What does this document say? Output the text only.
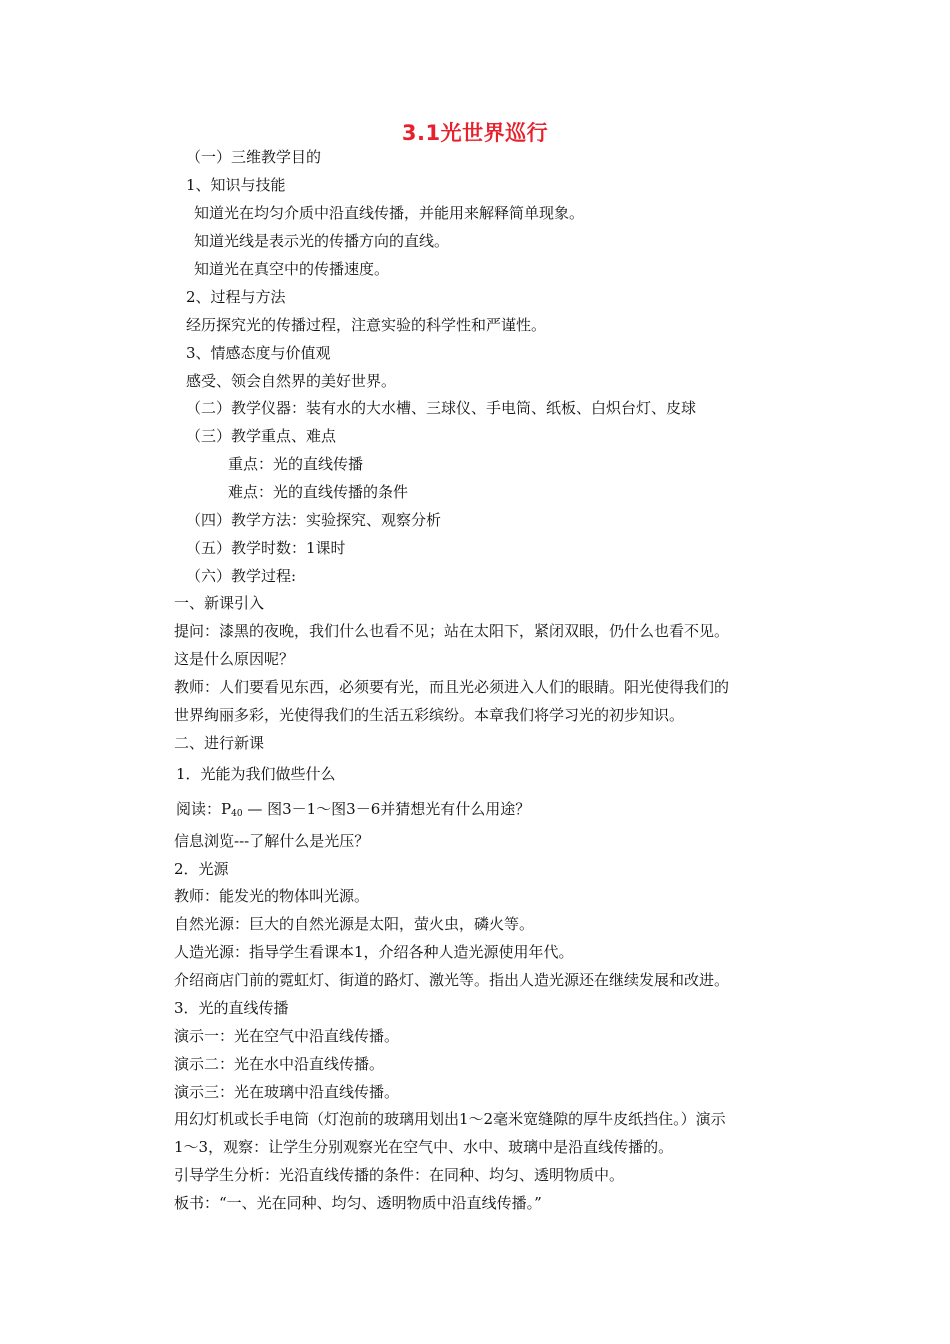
3.1光世界巡行
（一）三维教学目的
1、知识与技能
知道光在均匀介质中沿直线传播，并能用来解释简单现象。
知道光线是表示光的传播方向的直线。
知道光在真空中的传播速度。
2、过程与方法
经历探究光的传播过程，注意实验的科学性和严谨性。
3、情感态度与价值观
感受、领会自然界的美好世界。
（二）教学仪器：装有水的大水槽、三球仪、手电筒、纸板、白炽台灯、皮球
（三）教学重点、难点
重点：光的直线传播
难点：光的直线传播的条件
（四）教学方法：实验探究、观察分析
（五）教学时数：1课时
（六）教学过程:
一、新课引入
提问：漆黑的夜晚，我们什么也看不见；站在太阳下，紧闭双眼，仍什么也看不见。
这是什么原因呢？
教师：人们要看见东西，必须要有光，而且光必须进入人们的眼睛。阳光使得我们的
世界绚丽多彩，光使得我们的生活五彩缤纷。本章我们将学习光的初步知识。
二、进行新课
1．光能为我们做些什么
阅读：$P_{40}$ — 图3－1～图3－6并猜想光有什么用途？
信息浏览---了解什么是光压？
2．光源
教师：能发光的物体叫光源。
自然光源：巨大的自然光源是太阳，萤火虫，磷火等。
人造光源：指导学生看课本1，介绍各种人造光源使用年代。
介绍商店门前的霓虹灯、街道的路灯、激光等。指出人造光源还在继续发展和改进。
3．光的直线传播
演示一：光在空气中沿直线传播。
演示二：光在水中沿直线传播。
演示三：光在玻璃中沿直线传播。
用幻灯机或长手电筒（灯泡前的玻璃用划出1～2毫米宽缝隙的厚牛皮纸挡住。）演示
1～3，观察：让学生分别观察光在空气中、水中、玻璃中是沿直线传播的。
引导学生分析：光沿直线传播的条件：在同种、均匀、透明物质中。
板书：“一、光在同种、均匀、透明物质中沿直线传播。”
